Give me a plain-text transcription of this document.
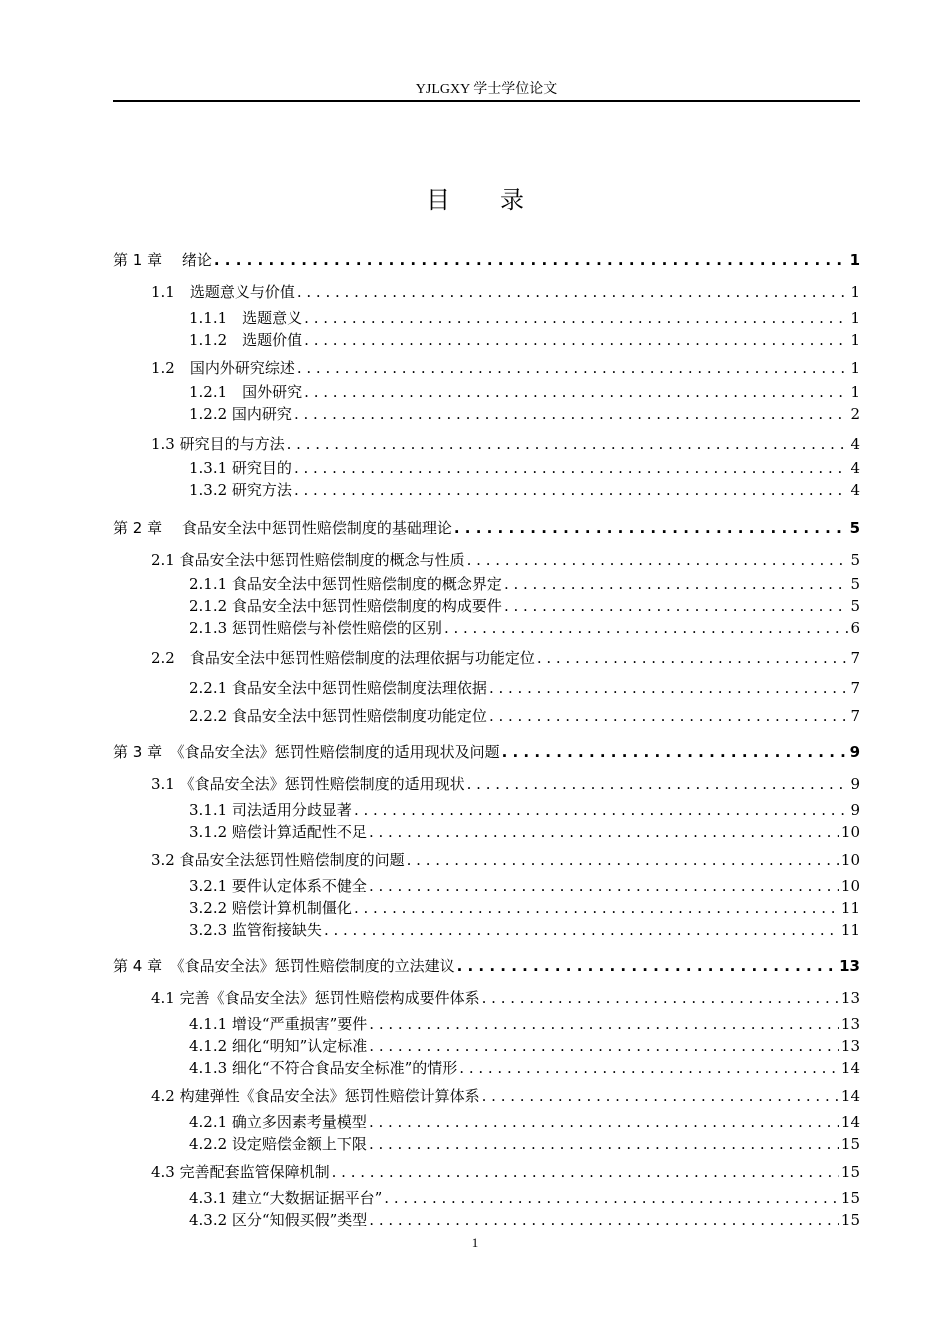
YJLGXY 学士学位论文
目 录
第 1 章　 绪论 . . .	1
1.1　选题意义与价值 . . .	1
1.1.1　选题意义 . . .	1
1.1.2　选题价值 . . .	1
1.2　国内外研究综述 . . .	1
1.2.1　国外研究 . . .	1
1.2.2 国内研究 . . .	2
1.3 研究目的与方法 . . .	4
1.3.1 研究目的 . . .	4
1.3.2 研究方法 . . .	4
第 2 章　 食品安全法中惩罚性赔偿制度的基础理论 . . .	5
2.1 食品安全法中惩罚性赔偿制度的概念与性质 . . .	5
2.1.1 食品安全法中惩罚性赔偿制度的概念界定 . . .	5
2.1.2 食品安全法中惩罚性赔偿制度的构成要件 . . .	5
2.1.3 惩罚性赔偿与补偿性赔偿的区别 . . .	6
2.2　食品安全法中惩罚性赔偿制度的法理依据与功能定位 . . .	7
2.2.1 食品安全法中惩罚性赔偿制度法理依据 . . .	7
2.2.2 食品安全法中惩罚性赔偿制度功能定位 . . .	7
第 3 章　《食品安全法》惩罚性赔偿制度的适用现状及问题 . . .	9
3.1 《食品安全法》惩罚性赔偿制度的适用现状 . . .	9
3.1.1 司法适用分歧显著 . . .	9
3.1.2 赔偿计算适配性不足 . . .	10
3.2 食品安全法惩罚性赔偿制度的问题 . . .	10
3.2.1 要件认定体系不健全 . . .	10
3.2.2 赔偿计算机制僵化 . . .	11
3.2.3 监管衔接缺失 . . .	11
第 4 章　《食品安全法》惩罚性赔偿制度的立法建议 . . .	13
4.1 完善《食品安全法》惩罚性赔偿构成要件体系 . . .	13
4.1.1 增设“严重损害”要件 . . .	13
4.1.2 细化“明知”认定标准 . . .	13
4.1.3 细化“不符合食品安全标准”的情形 . . .	14
4.2 构建弹性《食品安全法》惩罚性赔偿计算体系 . . .	14
4.2.1 确立多因素考量模型 . . .	14
4.2.2 设定赔偿金额上下限 . . .	15
4.3 完善配套监管保障机制 . . .	15
4.3.1 建立“大数据证据平台” . . .	15
4.3.2 区分“知假买假”类型 . . .	15
1
